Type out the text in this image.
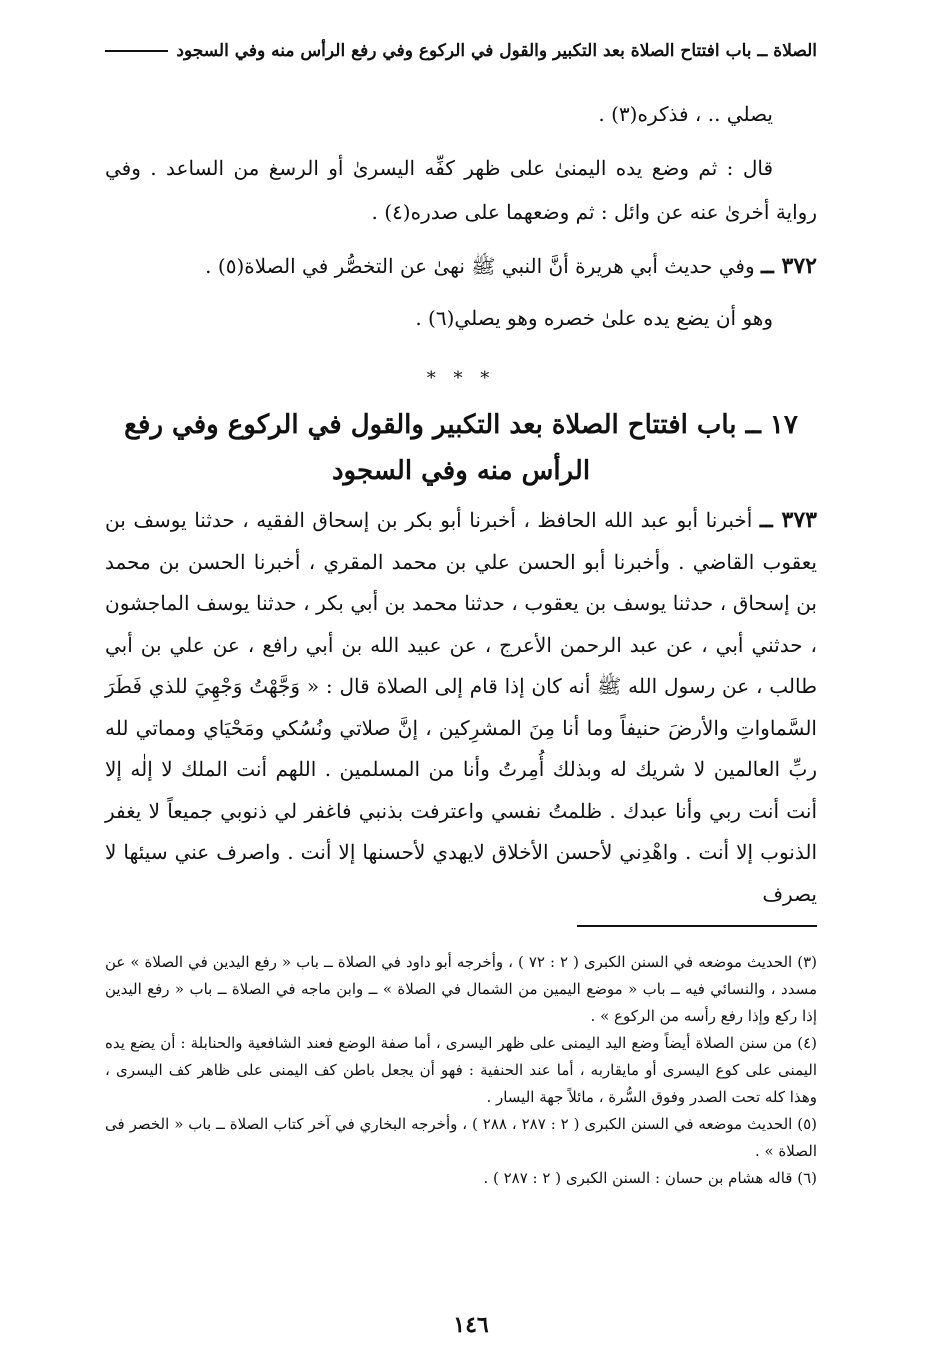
الصلاة ــ باب افتتاح الصلاة بعد التكبير والقول في الركوع وفي رفع الرأس منه وفي السجود

يصلي .. ، فذكره(٣) .

قال : ثم وضع يده اليمنىٰ على ظهر كفِّه اليسرىٰ أو الرسغ من الساعد . وفي رواية أخرىٰ عنه عن وائل : ثم وضعهما على صدره(٤) .

٣٧٢ ــ وفي حديث أبي هريرة أنَّ النبي ﷺ نهىٰ عن التخصُّر في الصلاة(٥) .

وهو أن يضع يده علىٰ خصره وهو يصلي(٦) .

* * *
١٧ ــ باب افتتاح الصلاة بعد التكبير والقول في الركوع وفي رفع الرأس منه وفي السجود

٣٧٣ ــ أخبرنا أبو عبد الله الحافظ ، أخبرنا أبو بكر بن إسحاق الفقيه ، حدثنا يوسف بن يعقوب القاضي . وأخبرنا أبو الحسن علي بن محمد المقري ، أخبرنا الحسن بن محمد بن إسحاق ، حدثنا يوسف بن يعقوب ، حدثنا محمد بن أبي بكر ، حدثنا يوسف الماجشون ، حدثني أبي ، عن عبد الرحمن الأعرج ، عن عبيد الله بن أبي رافع ، عن علي بن أبي طالب ، عن رسول الله ﷺ أنه كان إذا قام إلى الصلاة قال : « وَجَّهْتُ وَجْهِيَ للذي فَطَرَ السَّماواتِ والأرضَ حنيفاً وما أنا مِنَ المشرِكين ، إنَّ صلاتي ونُسُكي ومَحْيَاي ومماتي لله ربِّ العالمين لا شريك له وبذلك أُمِرتُ وأنا من المسلمين . اللهم أنت الملك لا إلٰه إلا أنت أنت ربي وأنا عبدك . ظلمتُ نفسي واعترفت بذنبي فاغفر لي ذنوبي جميعاً لا يغفر الذنوب إلا أنت . واهْدِني لأحسن الأخلاق لايهدي لأحسنها إلا أنت . واصرف عني سيئها لا يصرف

(٣) الحديث موضعه في السنن الكبرى ( ٢ : ٧٢ ) ، وأخرجه أبو داود في الصلاة ــ باب « رفع اليدين في الصلاة » عن مسدد ، والنسائي فيه ــ باب « موضع اليمين من الشمال في الصلاة » ــ وابن ماجه في الصلاة ــ باب « رفع اليدين إذا ركع وإذا رفع رأسه من الركوع » .

(٤) من سنن الصلاة أيضاً وضع اليد اليمنى على ظهر اليسرى ، أما صفة الوضع فعند الشافعية والحنابلة : أن يضع يده اليمنى على كوع اليسرى أو مايقاربه ، أما عند الحنفية : فهو أن يجعل باطن كف اليمنى على ظاهر كف اليسرى ، وهذا كله تحت الصدر وفوق السُّرة ، مائلاً جهة اليسار .

(٥) الحديث موضعه في السنن الكبرى ( ٢ : ٢٨٧ ، ٢٨٨ ) ، وأخرجه البخاري في آخر كتاب الصلاة ــ باب « الخصر فى الصلاة » .

(٦) قاله هشام بن حسان : السنن الكبرى ( ٢ : ٢٨٧ ) .

١٤٦
